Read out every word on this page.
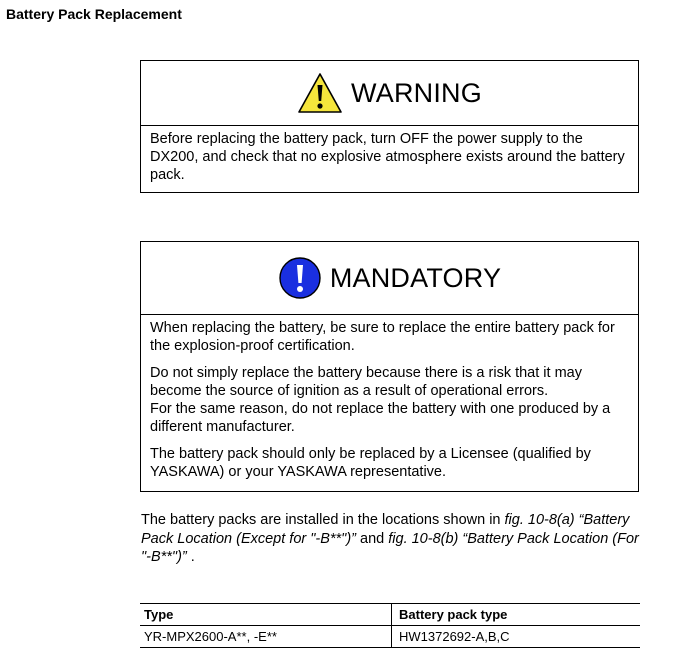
Battery Pack Replacement
WARNING

Before replacing the battery pack, turn OFF the power supply to the DX200, and check that no explosive atmosphere exists around the battery pack.

MANDATORY

When replacing the battery, be sure to replace the entire battery pack for the explosion-proof certification.

Do not simply replace the battery because there is a risk that it may become the source of ignition as a result of operational errors.
For the same reason, do not replace the battery with one produced by a different manufacturer.

The battery pack should only be replaced by a Licensee (qualified by YASKAWA) or your YASKAWA representative.

The battery packs are installed in the locations shown in fig. 10-8(a) “Battery Pack Location (Except for "-B**")” and fig. 10-8(b) “Battery Pack Location (For "-B**")” .
Type	Battery pack type
YR-MPX2600-A**, -E**	HW1372692-A,B,C
